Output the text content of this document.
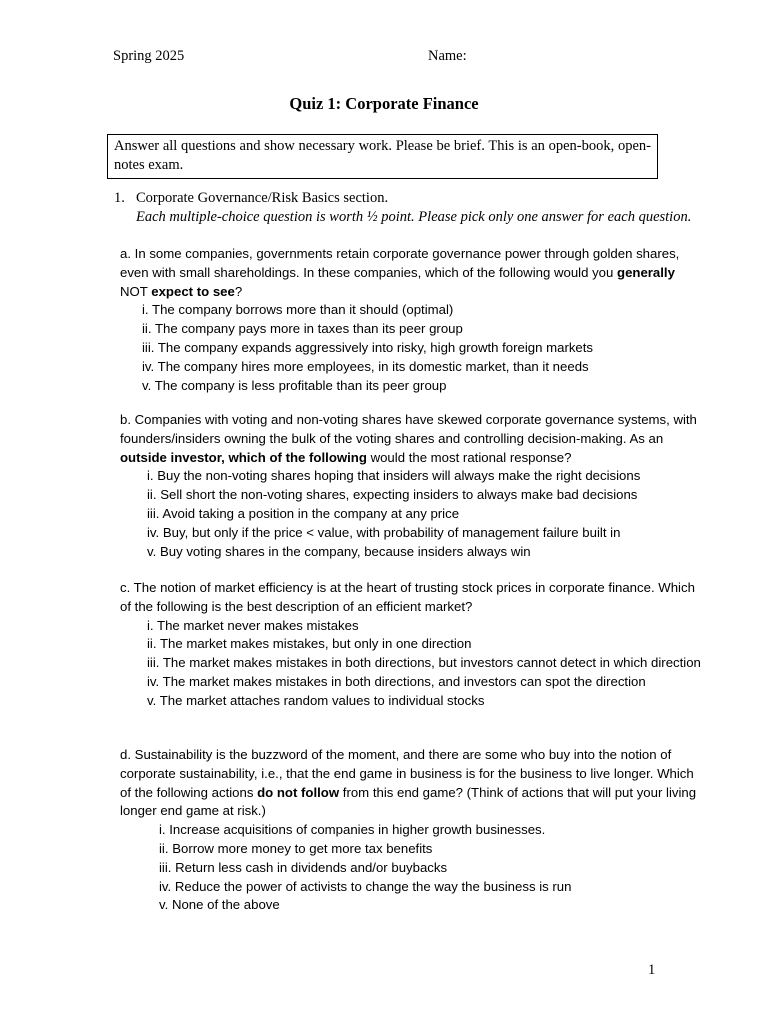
Spring 2025	Name:
Quiz 1: Corporate Finance
Answer all questions and show necessary work. Please be brief. This is an open-book, open-notes exam.
1. Corporate Governance/Risk Basics section.
Each multiple-choice question is worth ½ point. Please pick only one answer for each question.

a. In some companies, governments retain corporate governance power through golden shares, even with small shareholdings. In these companies, which of the following would you generally NOT expect to see?

i. The company borrows more than it should (optimal)

ii. The company pays more in taxes than its peer group

iii. The company expands aggressively into risky, high growth foreign markets

iv. The company hires more employees, in its domestic market, than it needs

v. The company is less profitable than its peer group

b. Companies with voting and non-voting shares have skewed corporate governance systems, with founders/insiders owning the bulk of the voting shares and controlling decision-making. As an outside investor, which of the following would the most rational response?

i. Buy the non-voting shares hoping that insiders will always make the right decisions

ii. Sell short the non-voting shares, expecting insiders to always make bad decisions

iii. Avoid taking a position in the company at any price

iv. Buy, but only if the price < value, with probability of management failure built in

v. Buy voting shares in the company, because insiders always win

c. The notion of market efficiency is at the heart of trusting stock prices in corporate finance. Which of the following is the best description of an efficient market?

i. The market never makes mistakes

ii. The market makes mistakes, but only in one direction

iii. The market makes mistakes in both directions, but investors cannot detect in which direction

iv. The market makes mistakes in both directions, and investors can spot the direction

v. The market attaches random values to individual stocks

d. Sustainability is the buzzword of the moment, and there are some who buy into the notion of corporate sustainability, i.e., that the end game in business is for the business to live longer. Which of the following actions do not follow from this end game? (Think of actions that will put your living longer end game at risk.)

i. Increase acquisitions of companies in higher growth businesses.

ii. Borrow more money to get more tax benefits

iii. Return less cash in dividends and/or buybacks

iv. Reduce the power of activists to change the way the business is run

v. None of the above

1
